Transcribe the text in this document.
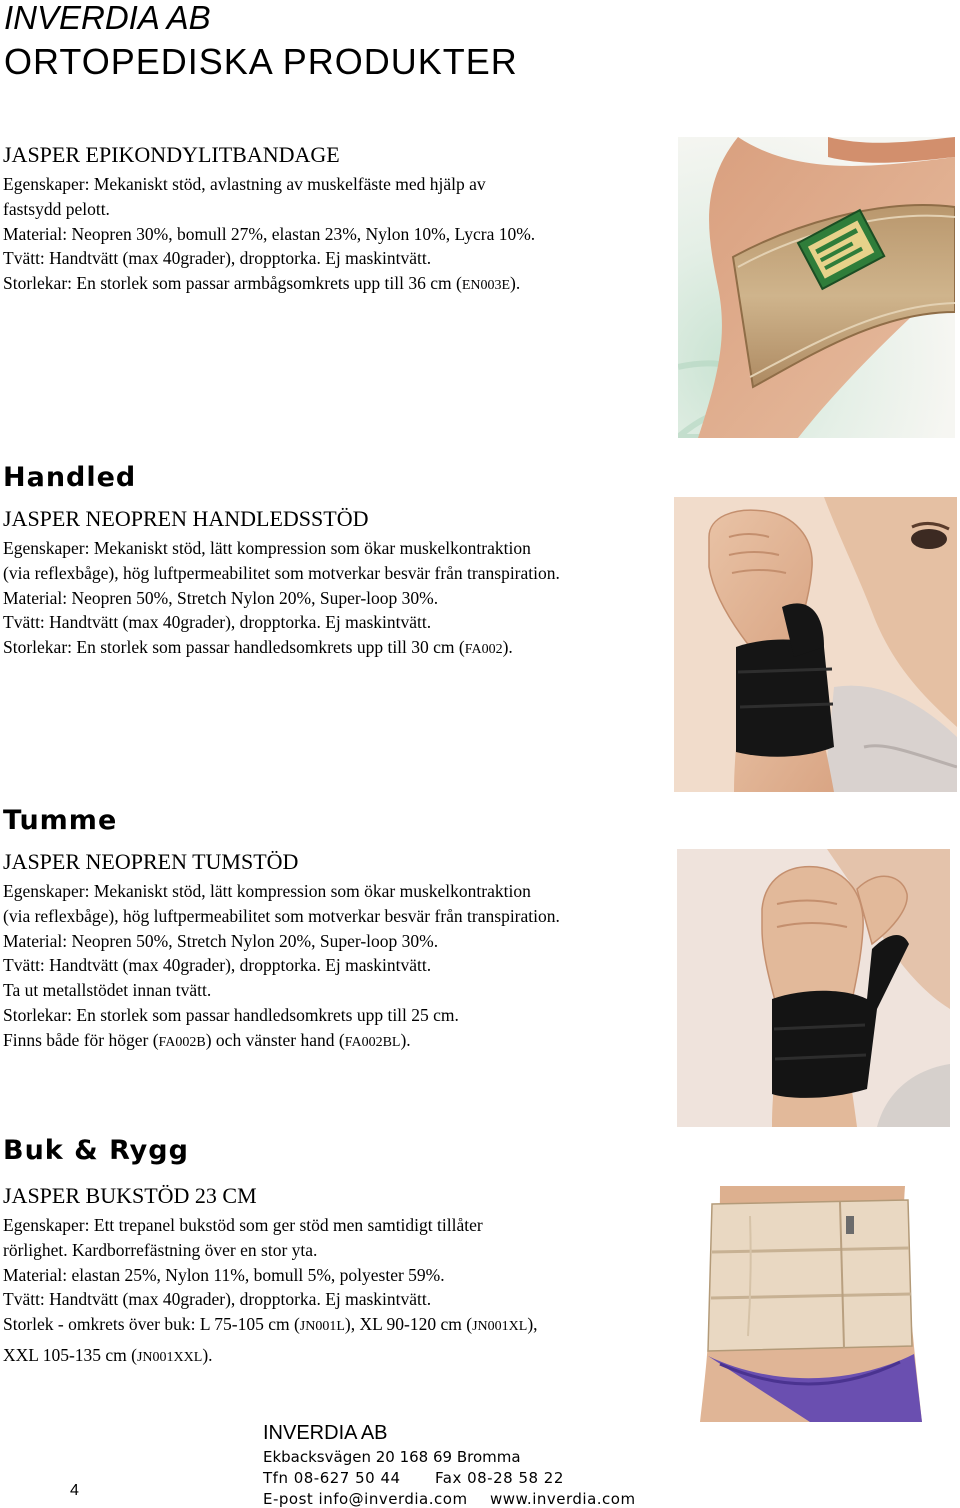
INVERDIA AB
ORTOPEDISKA PRODUKTER
JASPER EPIKONDYLITBANDAGE

Egenskaper: Mekaniskt stöd, avlastning av muskelfäste med hjälp av

fastsydd pelott.

Material: Neopren 30%, bomull 27%, elastan 23%, Nylon 10%, Lycra 10%.

Tvätt: Handtvätt (max 40grader), dropptorka. Ej maskintvätt.

Storlekar: En storlek som passar armbågsomkrets upp till 36 cm (EN003E).

Handled
JASPER NEOPREN HANDLEDSSTÖD

Egenskaper: Mekaniskt stöd, lätt kompression som ökar muskelkontraktion

(via reflexbåge), hög luftpermeabilitet som motverkar besvär från transpiration.

Material: Neopren 50%, Stretch Nylon 20%, Super-loop 30%.

Tvätt: Handtvätt (max 40grader), dropptorka. Ej maskintvätt.

Storlekar: En storlek som passar handledsomkrets upp till 30 cm (FA002).

Tumme
JASPER NEOPREN TUMSTÖD

Egenskaper: Mekaniskt stöd, lätt kompression som ökar muskelkontraktion

(via reflexbåge), hög luftpermeabilitet som motverkar besvär från transpiration.

Material: Neopren 50%, Stretch Nylon 20%, Super-loop 30%.

Tvätt: Handtvätt (max 40grader), dropptorka. Ej maskintvätt.

Ta ut metallstödet innan tvätt.

Storlekar: En storlek som passar handledsomkrets upp till 25 cm.

Finns både för höger (FA002B) och vänster hand (FA002BL).

Buk & Rygg
JASPER BUKSTÖD 23 CM

Egenskaper: Ett trepanel bukstöd som ger stöd men samtidigt tillåter

rörlighet. Kardborrefästning över en stor yta.

Material: elastan 25%, Nylon 11%, bomull 5%, polyester 59%.

Tvätt: Handtvätt (max 40grader), dropptorka. Ej maskintvätt.

Storlek - omkrets över buk: L 75-105 cm (JN001L), XL 90-120 cm (JN001XL),

XXL 105-135 cm (JN001XXL).

INVERDIA AB
Ekbacksvägen 20 168 69 Bromma
Tfn 08-627 50 44 Fax 08-28 58 22
E-post info@inverdia.com www.inverdia.com
4
